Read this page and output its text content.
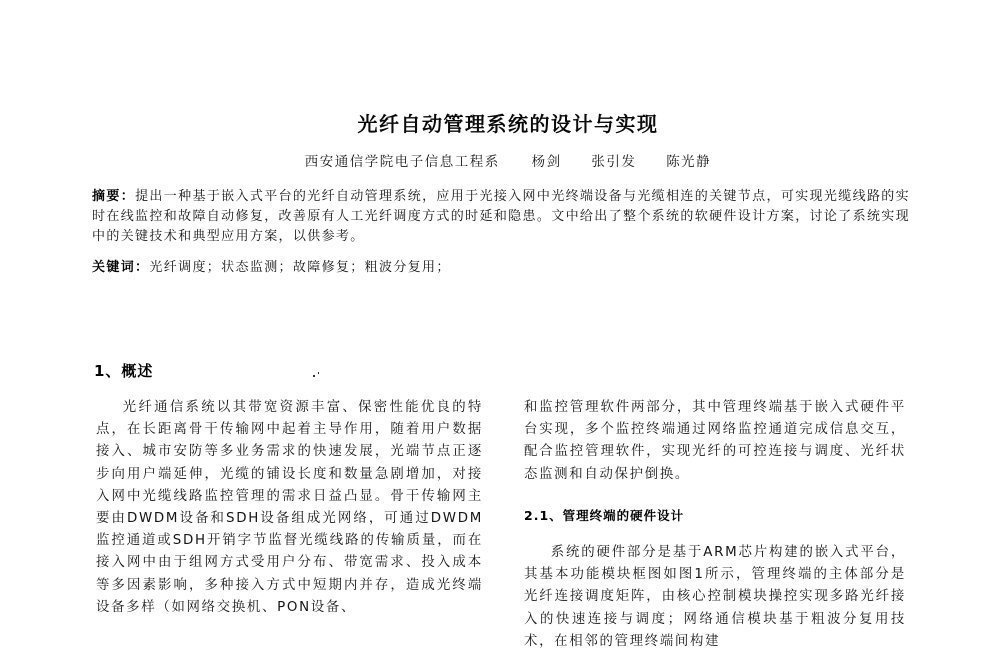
光纤自动管理系统的设计与实现
西安通信学院电子信息工程系 杨剑 张引发 陈光静
摘要：提出一种基于嵌入式平台的光纤自动管理系统，应用于光接入网中光终端设备与光缆相连的关键节点，可实现光缆线路的实时在线监控和故障自动修复，改善原有人工光纤调度方式的时延和隐患。文中给出了整个系统的软硬件设计方案，讨论了系统实现中的关键技术和典型应用方案，以供参考。
关键词：光纤调度；状态监测；故障修复；粗波分复用；
1、概述

光纤通信系统以其带宽资源丰富、保密性能优良的特点，在长距离骨干传输网中起着主导作用，随着用户数据接入、城市安防等多业务需求的快速发展，光端节点正逐步向用户端延伸，光缆的铺设长度和数量急剧增加，对接入网中光缆线路监控管理的需求日益凸显。骨干传输网主要由DWDM设备和SDH设备组成光网络，可通过DWDM监控通道或SDH开销字节监督光缆线路的传输质量，而在接入网中由于组网方式受用户分布、带宽需求、投入成本等多因素影响，多种接入方式中短期内并存，造成光终端设备多样（如网络交换机、PON设备、

和监控管理软件两部分，其中管理终端基于嵌入式硬件平台实现，多个监控终端通过网络监控通道完成信息交互，配合监控管理软件，实现光纤的可控连接与调度、光纤状态监测和自动保护倒换。

2.1、管理终端的硬件设计

系统的硬件部分是基于ARM芯片构建的嵌入式平台，其基本功能模块框图如图1所示，管理终端的主体部分是光纤连接调度矩阵，由核心控制模块操控实现多路光纤接入的快速连接与调度；网络通信模块基于粗波分复用技术，在相邻的管理终端间构建
